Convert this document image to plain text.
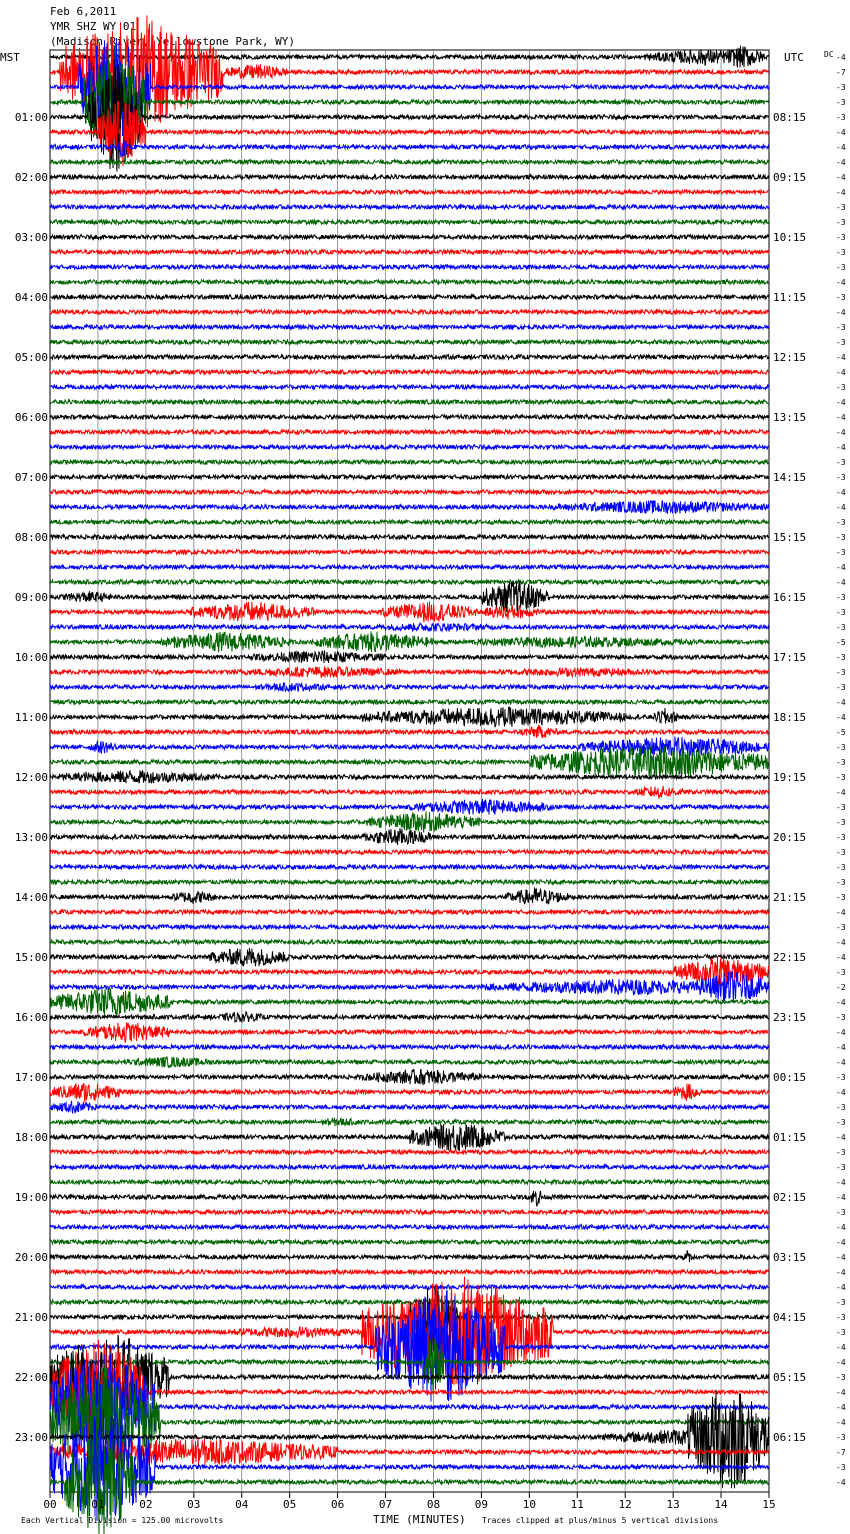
Feb 6,2011
YMR SHZ WY 01
(Madison River, Yellowstone Park, WY)
MST	UTC	DC
TIME (MINUTES)
Each Vertical Division = 125.00 microvolts	Traces clipped at plus/minus 5 vertical divisions
00	01	02	03	04	05	06	07	08	09	10	11	12	13	14	15
-4
-7
-3
-3
-3
-4
-4
-4
-4
-4
-3
-3
-3
-3
-3
-4
-3
-4
-3
-3
-4
-4
-3
-4
-4
-4
-4
-3
-3
-4
-4
-3
-3
-3
-4
-4
-3
-3
-3
-5
-3
-3
-3
-4
-4
-5
-3
-3
-3
-4
-3
-3
-3
-3
-3
-3
-3
-4
-3
-4
-4
-3
-2
-4
-3
-4
-4
-4
-3
-4
-3
-3
-4
-3
-3
-4
-4
-3
-4
-4
-4
-4
-4
-3
-3
-3
-4
-4
-3
-4
-4
-4
-3
-7
-3
-4
01:00
02:00
03:00
04:00
05:00
06:00
07:00
08:00
09:00
10:00
11:00
12:00
13:00
14:00
15:00
16:00
17:00
18:00
19:00
20:00
21:00
22:00
23:00
08:15
09:15
10:15
11:15
12:15
13:15
14:15
15:15
16:15
17:15
18:15
19:15
20:15
21:15
22:15
23:15
00:15
01:15
02:15
03:15
04:15
05:15
06:15
